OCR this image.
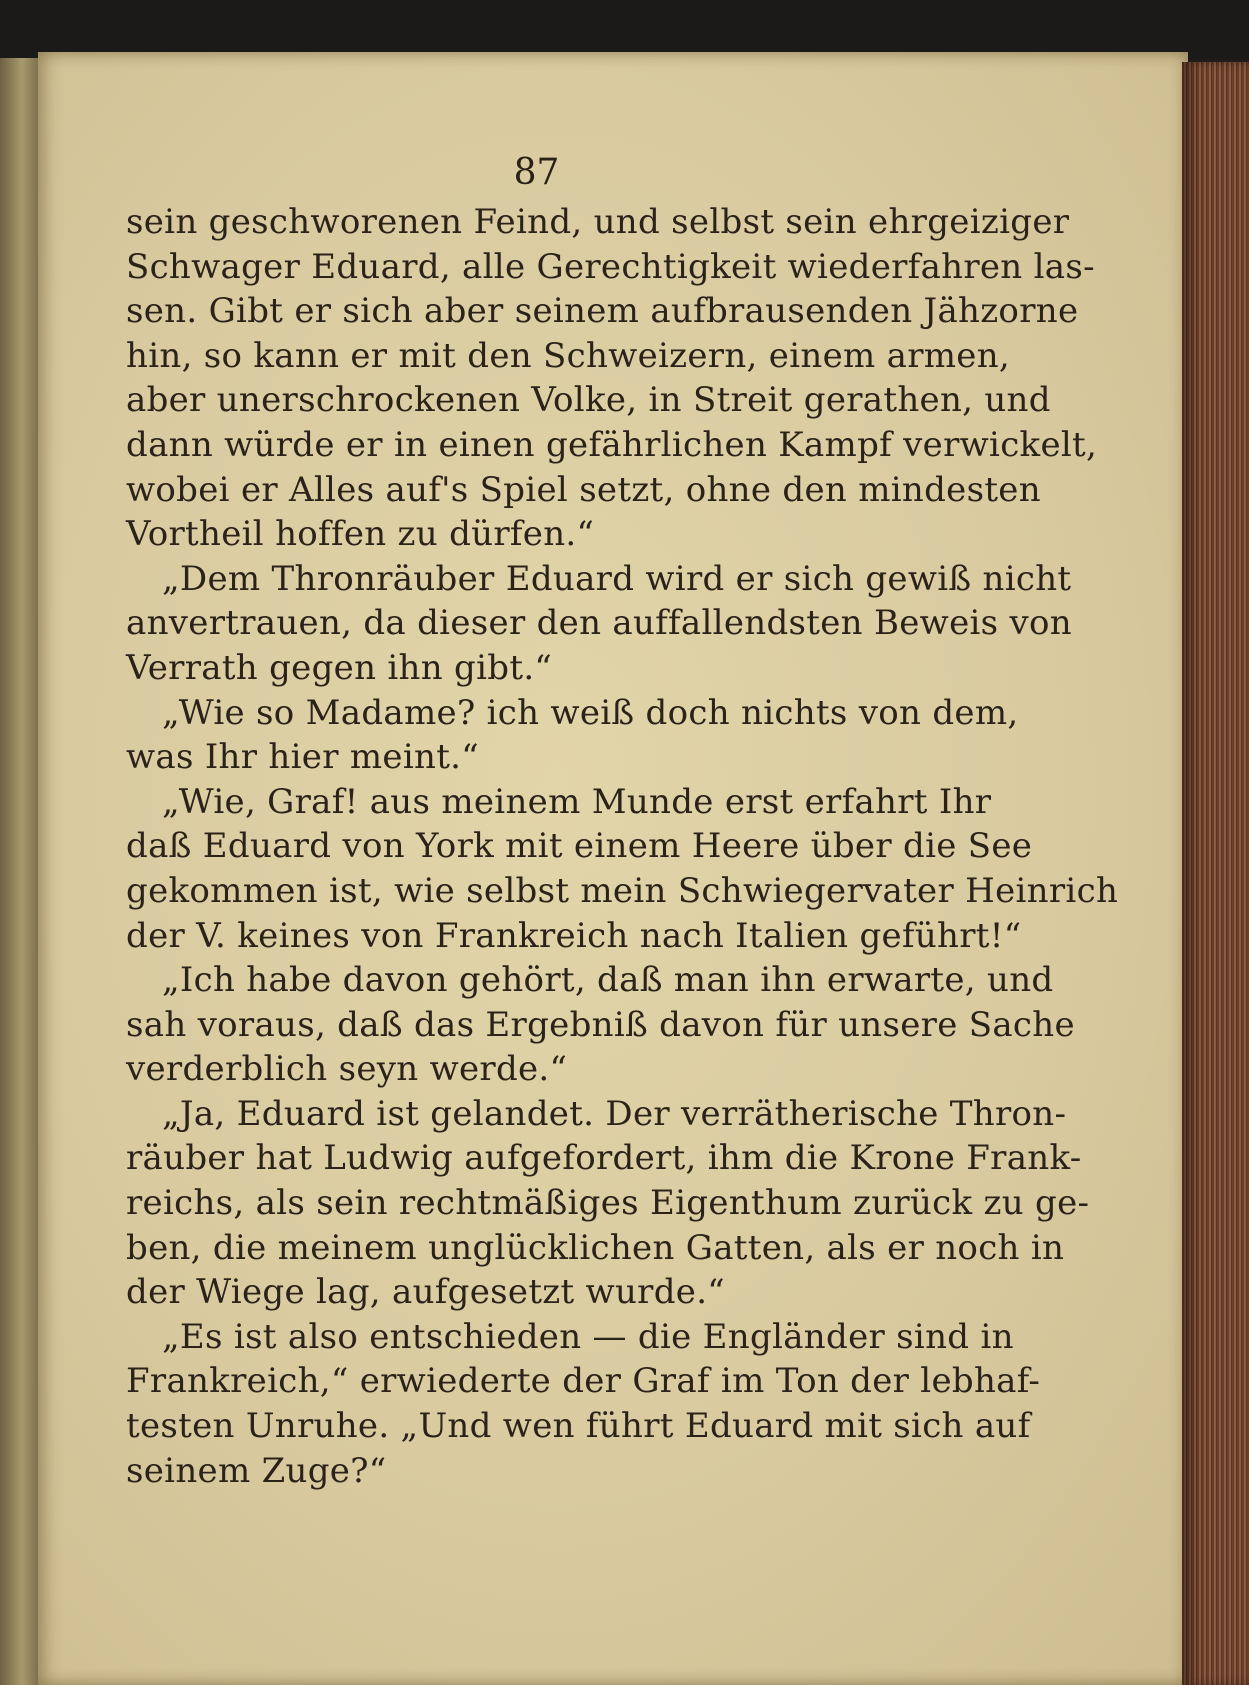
87
sein geschworenen Feind, und selbst sein ehrgeiziger
Schwager Eduard, alle Gerechtigkeit wiederfahren las-
sen. Gibt er sich aber seinem aufbrausenden Jähzorne
hin, so kann er mit den Schweizern, einem armen,
aber unerschrockenen Volke, in Streit gerathen, und
dann würde er in einen gefährlichen Kampf verwickelt,
wobei er Alles auf's Spiel setzt, ohne den mindesten
Vortheil hoffen zu dürfen.“
„Dem Thronräuber Eduard wird er sich gewiß nicht
anvertrauen, da dieser den auffallendsten Beweis von
Verrath gegen ihn gibt.“
„Wie so Madame? ich weiß doch nichts von dem,
was Ihr hier meint.“
„Wie, Graf! aus meinem Munde erst erfahrt Ihr
daß Eduard von York mit einem Heere über die See
gekommen ist, wie selbst mein Schwiegervater Heinrich
der V. keines von Frankreich nach Italien geführt!“
„Ich habe davon gehört, daß man ihn erwarte, und
sah voraus, daß das Ergebniß davon für unsere Sache
verderblich seyn werde.“
„Ja, Eduard ist gelandet. Der verrätherische Thron-
räuber hat Ludwig aufgefordert, ihm die Krone Frank-
reichs, als sein rechtmäßiges Eigenthum zurück zu ge-
ben, die meinem unglücklichen Gatten, als er noch in
der Wiege lag, aufgesetzt wurde.“
„Es ist also entschieden — die Engländer sind in
Frankreich,“ erwiederte der Graf im Ton der lebhaf-
testen Unruhe. „Und wen führt Eduard mit sich auf
seinem Zuge?“
